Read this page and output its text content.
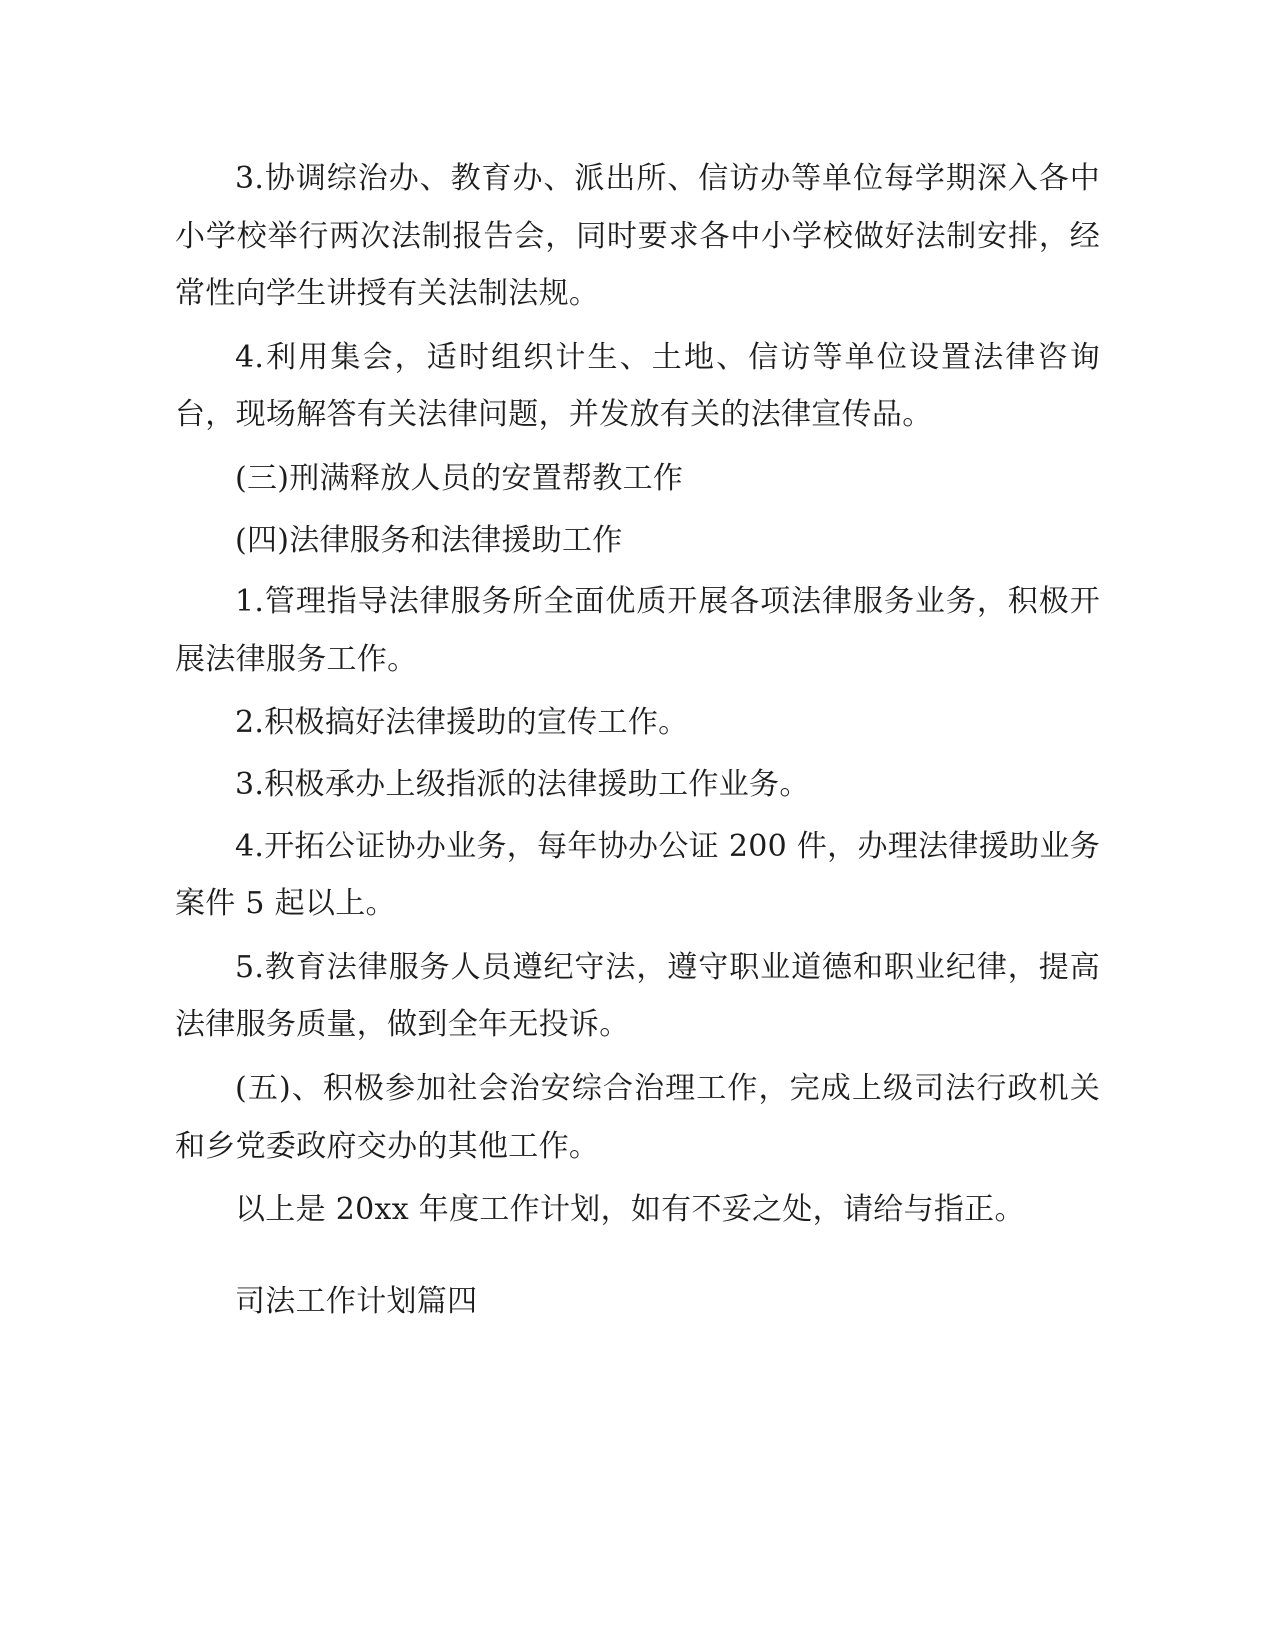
3.协调综治办、教育办、派出所、信访办等单位每学期深入各中小学校举行两次法制报告会，同时要求各中小学校做好法制安排，经常性向学生讲授有关法制法规。

4.利用集会，适时组织计生、土地、信访等单位设置法律咨询台，现场解答有关法律问题，并发放有关的法律宣传品。

(三)刑满释放人员的安置帮教工作

(四)法律服务和法律援助工作

1.管理指导法律服务所全面优质开展各项法律服务业务，积极开展法律服务工作。

2.积极搞好法律援助的宣传工作。

3.积极承办上级指派的法律援助工作业务。

4.开拓公证协办业务，每年协办公证 200 件，办理法律援助业务案件 5 起以上。

5.教育法律服务人员遵纪守法，遵守职业道德和职业纪律，提高法律服务质量，做到全年无投诉。

(五)、积极参加社会治安综合治理工作，完成上级司法行政机关和乡党委政府交办的其他工作。

以上是 20xx 年度工作计划，如有不妥之处，请给与指正。

司法工作计划篇四
